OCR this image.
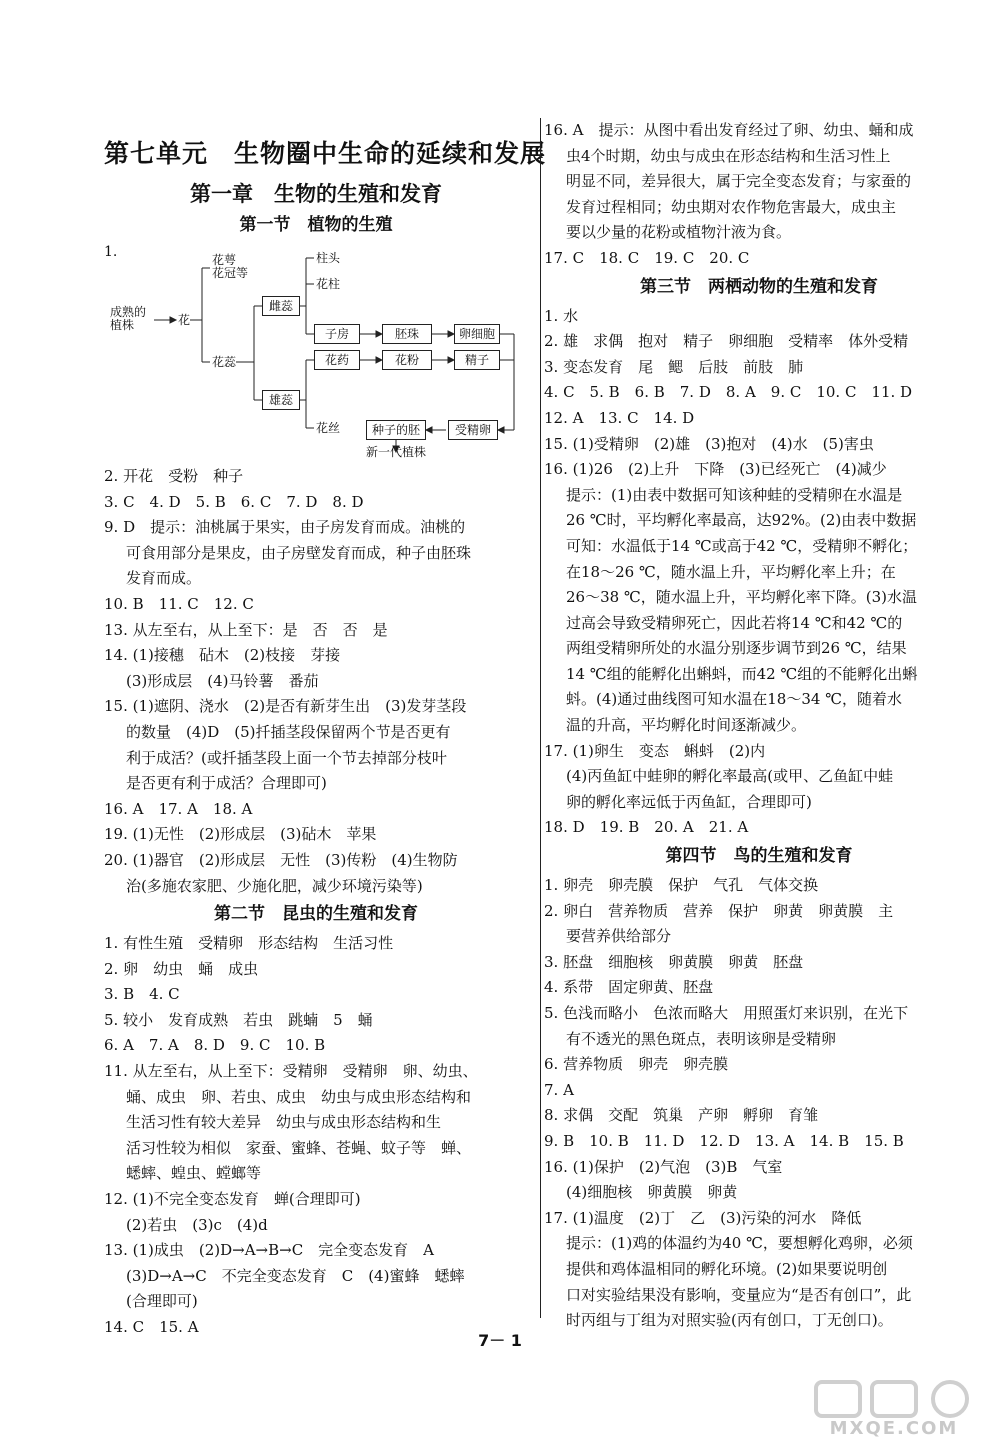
第七单元　生物圈中生命的延续和发展
第一章　生物的生殖和发育
第一节　植物的生殖
1.
成熟的
植株	花
花萼
花冠等
花蕊
雌蕊
雄蕊
柱头
花柱
子房	胚珠	卵细胞
花药	花粉	精子
花丝	种子的胚	受精卵
新一代植株
2. 开花　受粉　种子
3. C　4. D　5. B　6. C　7. D　8. D
9. D　提示：油桃属于果实，由子房发育而成。油桃的
可食用部分是果皮，由子房壁发育而成，种子由胚珠
发育而成。
10. B　11. C　12. C
13. 从左至右，从上至下：是　否　否　是
14. (1)接穗　砧木　(2)枝接　芽接
(3)形成层　(4)马铃薯　番茄
15. (1)遮阴、浇水　(2)是否有新芽生出　(3)发芽茎段
的数量　(4)D　(5)扦插茎段保留两个节是否更有
利于成活？(或扦插茎段上面一个节去掉部分枝叶
是否更有利于成活？合理即可)
16. A　17. A　18. A
19. (1)无性　(2)形成层　(3)砧木　苹果
20. (1)器官　(2)形成层　无性　(3)传粉　(4)生物防
治(多施农家肥、少施化肥，减少环境污染等)
第二节　昆虫的生殖和发育
1. 有性生殖　受精卵　形态结构　生活习性
2. 卵　幼虫　蛹　成虫
3. B　4. C
5. 较小　发育成熟　若虫　跳蝻　5　蛹
6. A　7. A　8. D　9. C　10. B
11. 从左至右，从上至下：受精卵　受精卵　卵、幼虫、
蛹、成虫　卵、若虫、成虫　幼虫与成虫形态结构和
生活习性有较大差异　幼虫与成虫形态结构和生
活习性较为相似　家蚕、蜜蜂、苍蝇、蚊子等　蝉、
蟋蟀、蝗虫、螳螂等
12. (1)不完全变态发育　蝉(合理即可)
(2)若虫　(3)c　(4)d
13. (1)成虫　(2)D→A→B→C　完全变态发育　A
(3)D→A→C　不完全变态发育　C　(4)蜜蜂　蟋蟀
(合理即可)
14. C　15. A
16. A　提示：从图中看出发育经过了卵、幼虫、蛹和成
虫4个时期，幼虫与成虫在形态结构和生活习性上
明显不同，差异很大，属于完全变态发育；与家蚕的
发育过程相同；幼虫期对农作物危害最大，成虫主
要以少量的花粉或植物汁液为食。
17. C　18. C　19. C　20. C
第三节　两栖动物的生殖和发育
1. 水
2. 雄　求偶　抱对　精子　卵细胞　受精率　体外受精
3. 变态发育　尾　鳃　后肢　前肢　肺
4. C　5. B　6. B　7. D　8. A　9. C　10. C　11. D
12. A　13. C　14. D
15. (1)受精卵　(2)雄　(3)抱对　(4)水　(5)害虫
16. (1)26　(2)上升　下降　(3)已经死亡　(4)减少
提示：(1)由表中数据可知该种蛙的受精卵在水温是
26 ℃时，平均孵化率最高，达92%。(2)由表中数据
可知：水温低于14 ℃或高于42 ℃，受精卵不孵化；
在18～26 ℃，随水温上升，平均孵化率上升；在
26～38 ℃，随水温上升，平均孵化率下降。(3)水温
过高会导致受精卵死亡，因此若将14 ℃和42 ℃的
两组受精卵所处的水温分别逐步调节到26 ℃，结果
14 ℃组的能孵化出蝌蚪，而42 ℃组的不能孵化出蝌
蚪。(4)通过曲线图可知水温在18～34 ℃，随着水
温的升高，平均孵化时间逐渐减少。
17. (1)卵生　变态　蝌蚪　(2)内
(4)丙鱼缸中蛙卵的孵化率最高(或甲、乙鱼缸中蛙
卵的孵化率远低于丙鱼缸，合理即可)
18. D　19. B　20. A　21. A
第四节　鸟的生殖和发育
1. 卵壳　卵壳膜　保护　气孔　气体交换
2. 卵白　营养物质　营养　保护　卵黄　卵黄膜　主
要营养供给部分
3. 胚盘　细胞核　卵黄膜　卵黄　胚盘
4. 系带　固定卵黄、胚盘
5. 色浅而略小　色浓而略大　用照蛋灯来识别，在光下
有不透光的黑色斑点，表明该卵是受精卵
6. 营养物质　卵壳　卵壳膜
7. A
8. 求偶　交配　筑巢　产卵　孵卵　育雏
9. B　10. B　11. D　12. D　13. A　14. B　15. B
16. (1)保护　(2)气泡　(3)B　气室
(4)细胞核　卵黄膜　卵黄
17. (1)温度　(2)丁　乙　(3)污染的河水　降低
提示：(1)鸡的体温约为40 ℃，要想孵化鸡卵，必须
提供和鸡体温相同的孵化环境。(2)如果要说明创
口对实验结果没有影响，变量应为“是否有创口”，此
时丙组与丁组为对照实验(丙有创口，丁无创口)。
7－ 1
MXQE.COM
